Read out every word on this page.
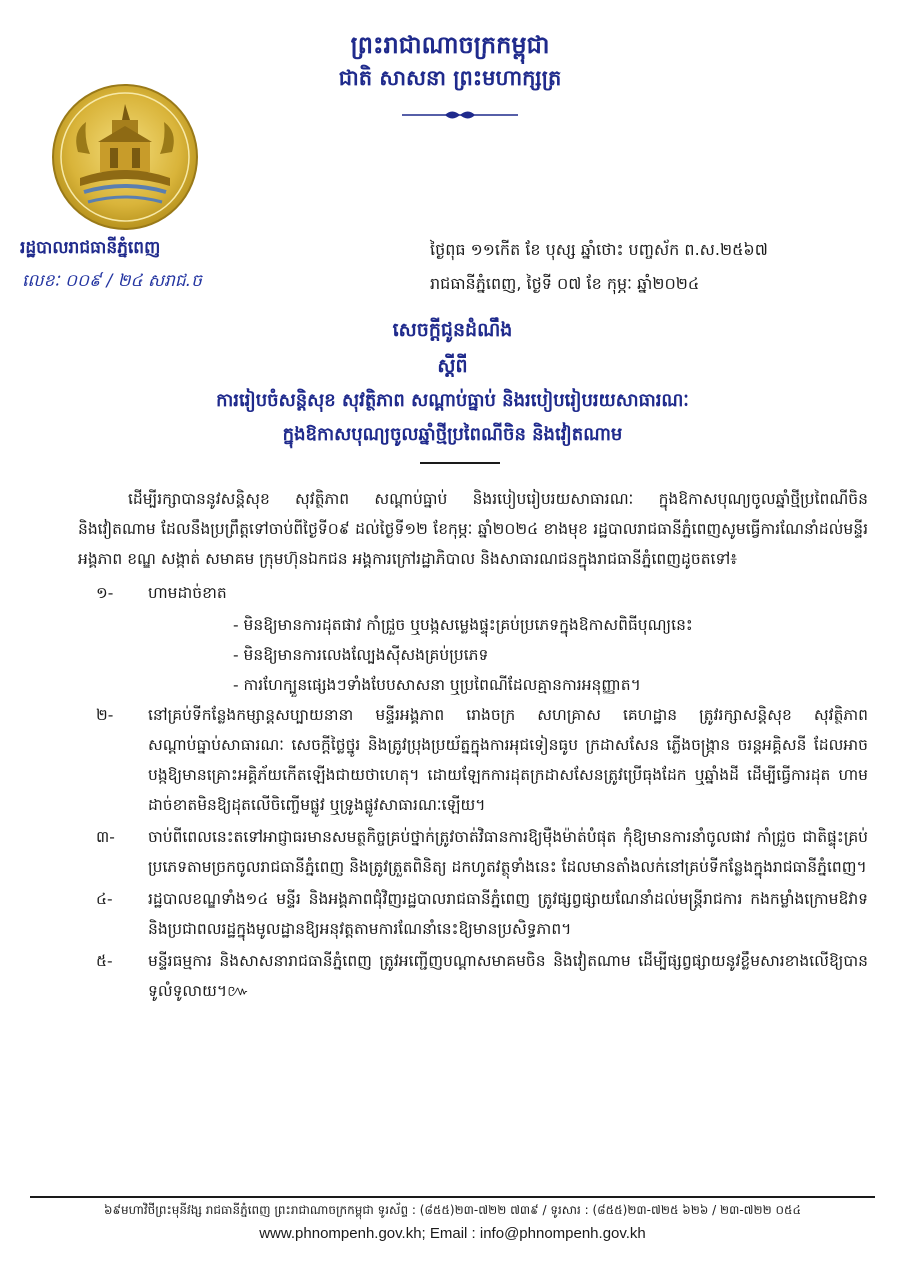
ព្រះរាជាណាចក្រកម្ពុជា
ជាតិ សាសនា ព្រះមហាក្សត្រ
រដ្ឋបាលរាជធានីភ្នំពេញ
លេខៈ ០០៩ / ២៤ សរាជ.ច
ថ្ងៃពុធ ១១កើត ខែ បុស្ស ឆ្នាំថោះ បញ្ចស័ក ព.ស.២៥៦៧
រាជធានីភ្នំពេញ, ថ្ងៃទី ០៧ ខែ កុម្ភៈ ឆ្នាំ២០២៤
សេចក្តីជូនដំណឹង
ស្តីពី
ការរៀបចំសន្តិសុខ សុវត្ថិភាព សណ្តាប់ធ្នាប់ និងរបៀបរៀបរយសាធារណៈ
ក្នុងឱកាសបុណ្យចូលឆ្នាំថ្មីប្រពៃណីចិន និងវៀតណាម

ដើម្បីរក្សាបាននូវសន្តិសុខ សុវត្ថិភាព សណ្តាប់ធ្នាប់ និងរបៀបរៀបរយសាធារណៈ ក្នុងឱកាសបុណ្យចូលឆ្នាំថ្មីប្រពៃណីចិន និងវៀតណាម ដែលនឹងប្រព្រឹត្តទៅចាប់ពីថ្ងៃទី០៩ ដល់ថ្ងៃទី១២ ខែកុម្ភៈ ឆ្នាំ២០២៤ ខាងមុខ រដ្ឋបាលរាជធានីភ្នំពេញសូមធ្វើការណែនាំដល់មន្ទីរ អង្គភាព ខណ្ឌ សង្កាត់ សមាគម ក្រុមហ៊ុនឯកជន អង្គការក្រៅរដ្ឋាភិបាល និងសាធារណជនក្នុងរាជធានីភ្នំពេញដូចតទៅ៖

១-	ហាមដាច់ខាត
- មិនឱ្យមានការដុតផាវ កាំជ្រួច ឬបង្កសម្លេងផ្ទុះគ្រប់ប្រភេទក្នុងឱកាសពិធីបុណ្យនេះ
- មិនឱ្យមានការលេងល្បែងស៊ីសងគ្រប់ប្រភេទ
- ការហែក្បួនផ្សេងៗទាំងបែបសាសនា ឬប្រពៃណីដែលគ្មានការអនុញ្ញាត។
២-	នៅគ្រប់ទីកន្លែងកម្សាន្តសប្បាយនានា មន្ទីរអង្គភាព រោងចក្រ សហគ្រាស គេហដ្ឋាន ត្រូវរក្សាសន្តិសុខ សុវត្ថិភាព សណ្តាប់ធ្នាប់សាធារណៈ សេចក្តីថ្លៃថ្នូរ និងត្រូវប្រុងប្រយ័ត្នក្នុងការអុជទៀនធូប ក្រដាសសែន ភ្លើងចង្ក្រាន ចរន្តអគ្គិសនី ដែលអាចបង្កឱ្យមានគ្រោះអគ្គិភ័យកើតឡើងជាយថាហេតុ។ ដោយឡែកការដុតក្រដាសសែនត្រូវប្រើធុងដែក ឬឆ្នាំងដី ដើម្បីធ្វើការដុត ហាមដាច់ខាតមិនឱ្យដុតលើចិញ្ចើមផ្លូវ ឬទ្រូងផ្លូវសាធារណៈឡើយ។
៣-	ចាប់ពីពេលនេះតទៅអាជ្ញាធរមានសមត្ថកិច្ចគ្រប់ថ្នាក់ត្រូវចាត់វិធានការឱ្យម៉ឺងម៉ាត់បំផុត កុំឱ្យមានការនាំចូលផាវ កាំជ្រួច ជាតិផ្ទុះគ្រប់ប្រភេទតាមច្រកចូលរាជធានីភ្នំពេញ និងត្រូវត្រួតពិនិត្យ ដកហូតវត្ថុទាំងនេះ ដែលមានតាំងលក់នៅគ្រប់ទីកន្លែងក្នុងរាជធានីភ្នំពេញ។
៤-	រដ្ឋបាលខណ្ឌទាំង១៤ មន្ទីរ និងអង្គភាពជុំវិញរដ្ឋបាលរាជធានីភ្នំពេញ ត្រូវផ្សព្វផ្សាយណែនាំដល់មន្ត្រីរាជការ កងកម្លាំងក្រោមឱវាទ និងប្រជាពលរដ្ឋក្នុងមូលដ្ឋានឱ្យអនុវត្តតាមការណែនាំនេះឱ្យមានប្រសិទ្ធភាព។
៥-	មន្ទីរធម្មការ និងសាសនារាជធានីភ្នំពេញ ត្រូវអញ្ជើញបណ្តាសមាគមចិន និងវៀតណាម ដើម្បីផ្សព្វផ្សាយនូវខ្លឹមសារខាងលើឱ្យបានទូលំទូលាយ។៚
៦៩មហាវិថីព្រះមុនីវង្ស រាជធានីភ្នំពេញ ព្រះរាជាណាចក្រកម្ពុជា ទូរស័ព្ទ : (៨៥៥)២៣-៧២២ ៧៣៩ / ទូរសារ : (៨៥៥)២៣-៧២៥ ៦២៦ / ២៣-៧២២ ០៥៤
www.phnompenh.gov.kh; Email : info@phnompenh.gov.kh
